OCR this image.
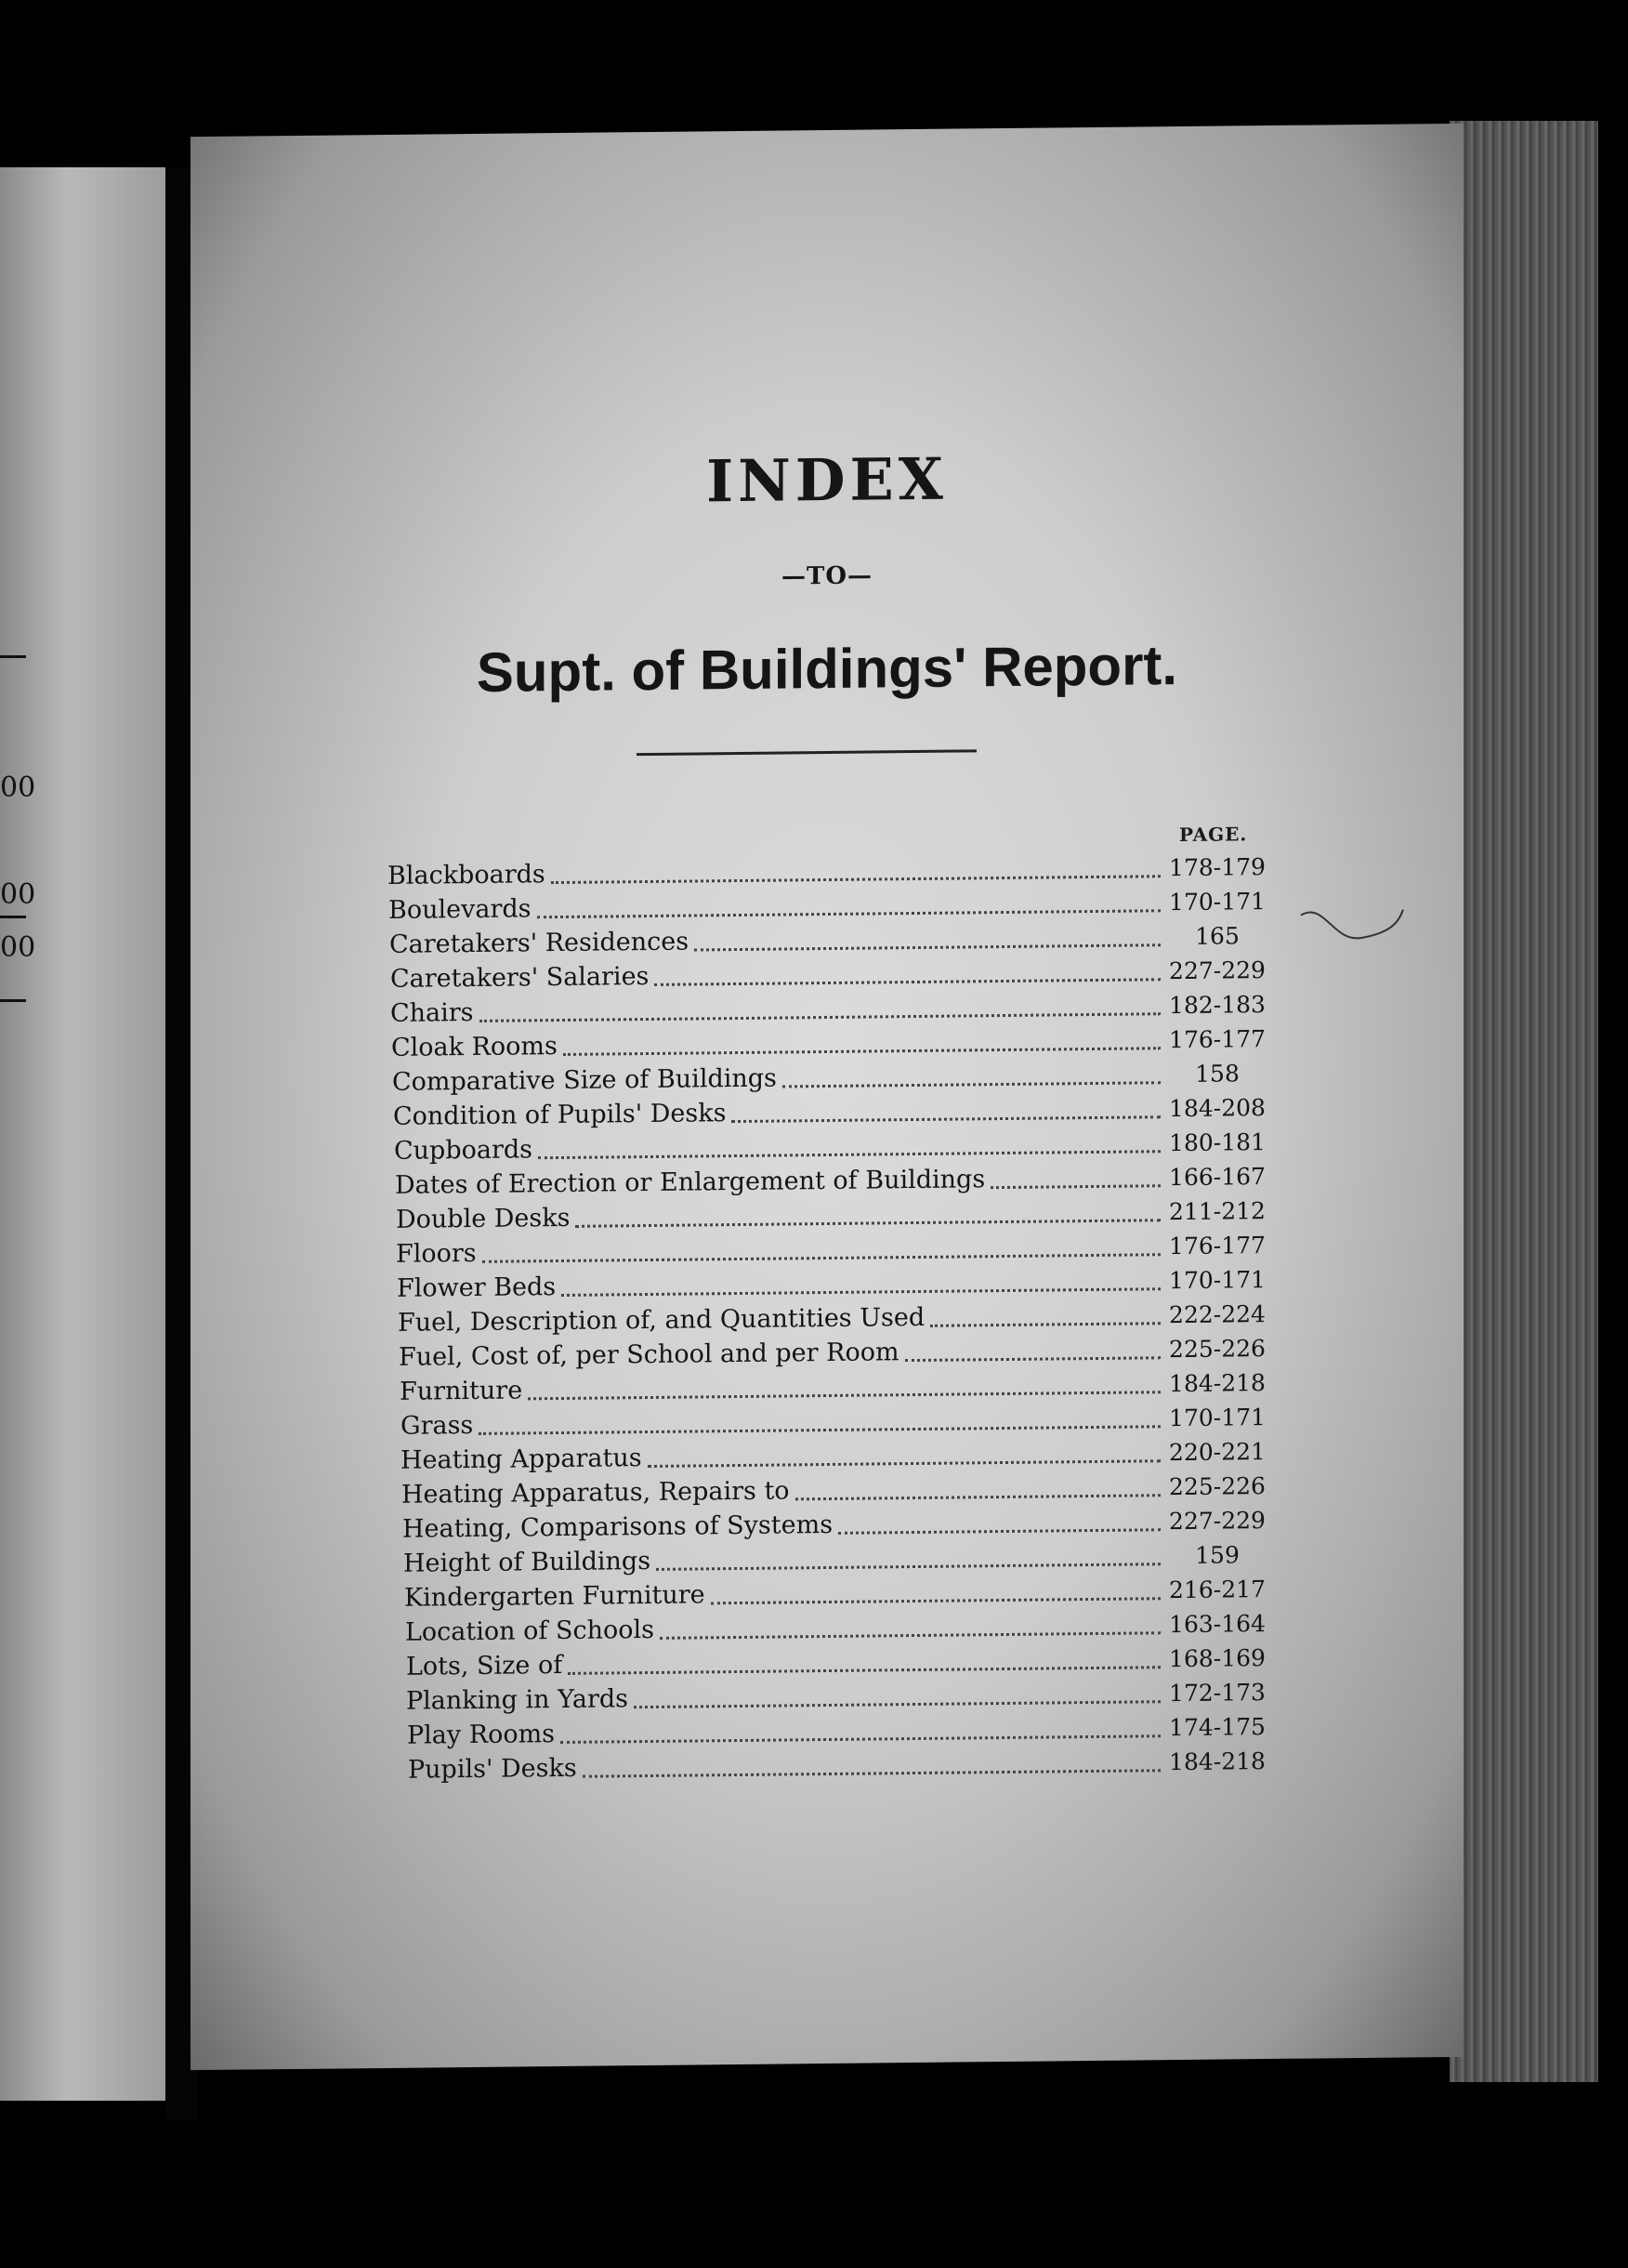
00
00
00
INDEX
—TO—
Supt. of Buildings' Report.
PAGE.
Blackboards	178-179
Boulevards	170-171
Caretakers' Residences	165
Caretakers' Salaries	227-229
Chairs	182-183
Cloak Rooms	176-177
Comparative Size of Buildings	158
Condition of Pupils' Desks	184-208
Cupboards	180-181
Dates of Erection or Enlargement of Buildings	166-167
Double Desks	211-212
Floors	176-177
Flower Beds	170-171
Fuel, Description of, and Quantities Used	222-224
Fuel, Cost of, per School and per Room	225-226
Furniture	184-218
Grass	170-171
Heating Apparatus	220-221
Heating Apparatus, Repairs to	225-226
Heating, Comparisons of Systems	227-229
Height of Buildings	159
Kindergarten Furniture	216-217
Location of Schools	163-164
Lots, Size of	168-169
Planking in Yards	172-173
Play Rooms	174-175
Pupils' Desks	184-218
